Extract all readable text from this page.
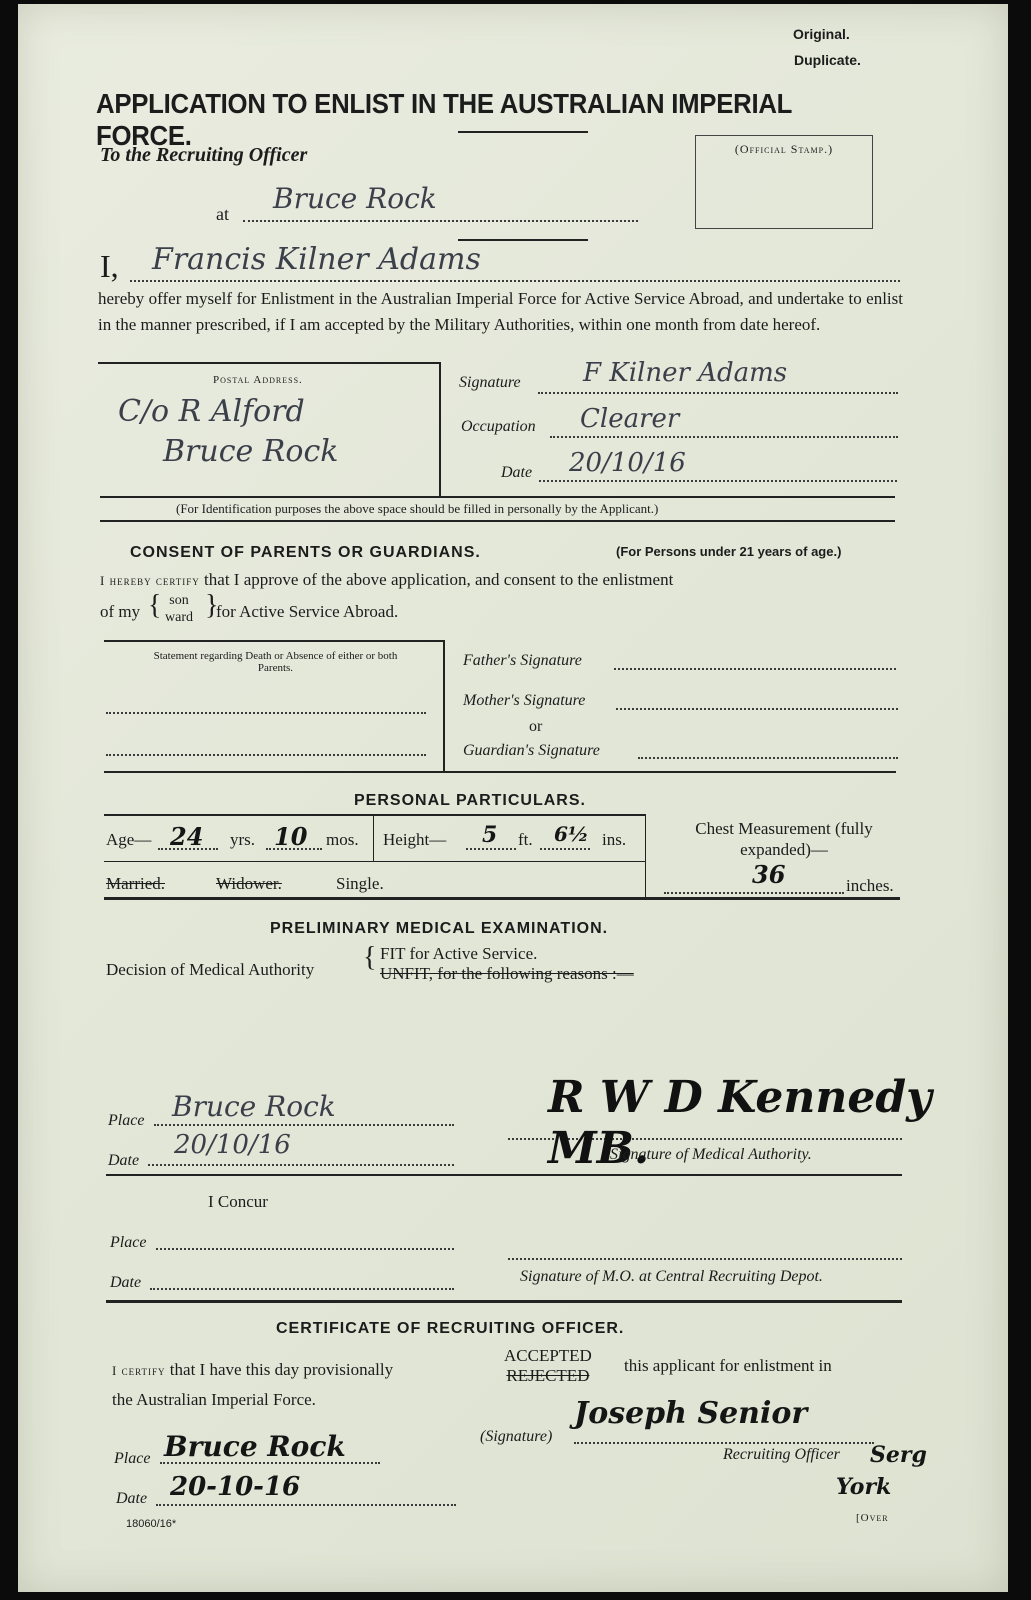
Original.
Duplicate.
APPLICATION TO ENLIST IN THE AUSTRALIAN IMPERIAL FORCE.
To the Recruiting Officer	(Official Stamp.)
at Bruce Rock
I, Francis Kilner Adams
hereby offer myself for Enlistment in the Australian Imperial Force for Active Service Abroad, and undertake to enlist in the manner prescribed, if I am accepted by the Military Authorities, within one month from date hereof.
Postal Address.
C/o R Alford
Bruce Rock
Signature F Kilner Adams
Occupation Clearer
Date 20/10/16
(For Identification purposes the above space should be filled in personally by the Applicant.)
CONSENT OF PARENTS OR GUARDIANS.	(For Persons under 21 years of age.)
I hereby certify that I approve of the above application, and consent to the enlistment
of my { son
ward }
for Active Service Abroad.
Statement regarding Death or Absence of either or both Parents.	Father's Signature
Mother's Signature
or
Guardian's Signature
PERSONAL PARTICULARS.
Age— 24 yrs. 10 mos. Height— 5 ft. 6½ ins.
Married.	Widower.	Single.
Chest Measurement (fully expanded)—
36	inches.
PRELIMINARY MEDICAL EXAMINATION.
Decision of Medical Authority { FIT for Active Service.
UNFIT, for the following reasons :—
Place Bruce Rock
Date
20/10/16
R W D Kennedy MB.
Signature of Medical Authority.
I Concur
Place
Date	Signature of M.O. at Central Recruiting Depot.
CERTIFICATE OF RECRUITING OFFICER.
I certify that I have this day provisionally
ACCEPTED
REJECTED
this applicant for enlistment in
the Australian Imperial Force.
(Signature)
Joseph Senior
Recruiting Officer Serg
York
Place Bruce Rock
Date 20-10-16
18060/16*	[Over
